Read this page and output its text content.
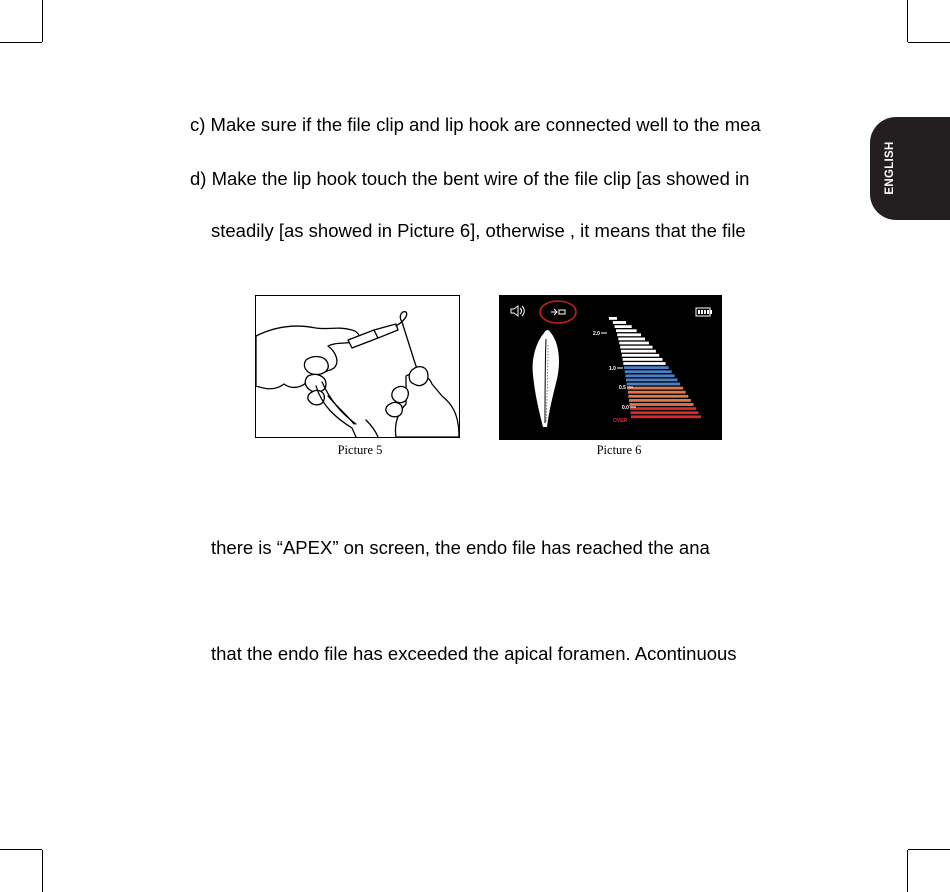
ENGLISH
c) Make sure if the file clip and lip hook are connected well to the mea
d) Make the lip hook touch the bent wire of the file clip [as showed in
steadily [as showed in Picture 6], otherwise , it means that the file
there is “APEX” on screen, the endo file has reached the ana
that the endo file has exceeded the apical foramen. Acontinuous
Picture 5
2.0
1.0
0.5
0.0
OVER
Picture 6
